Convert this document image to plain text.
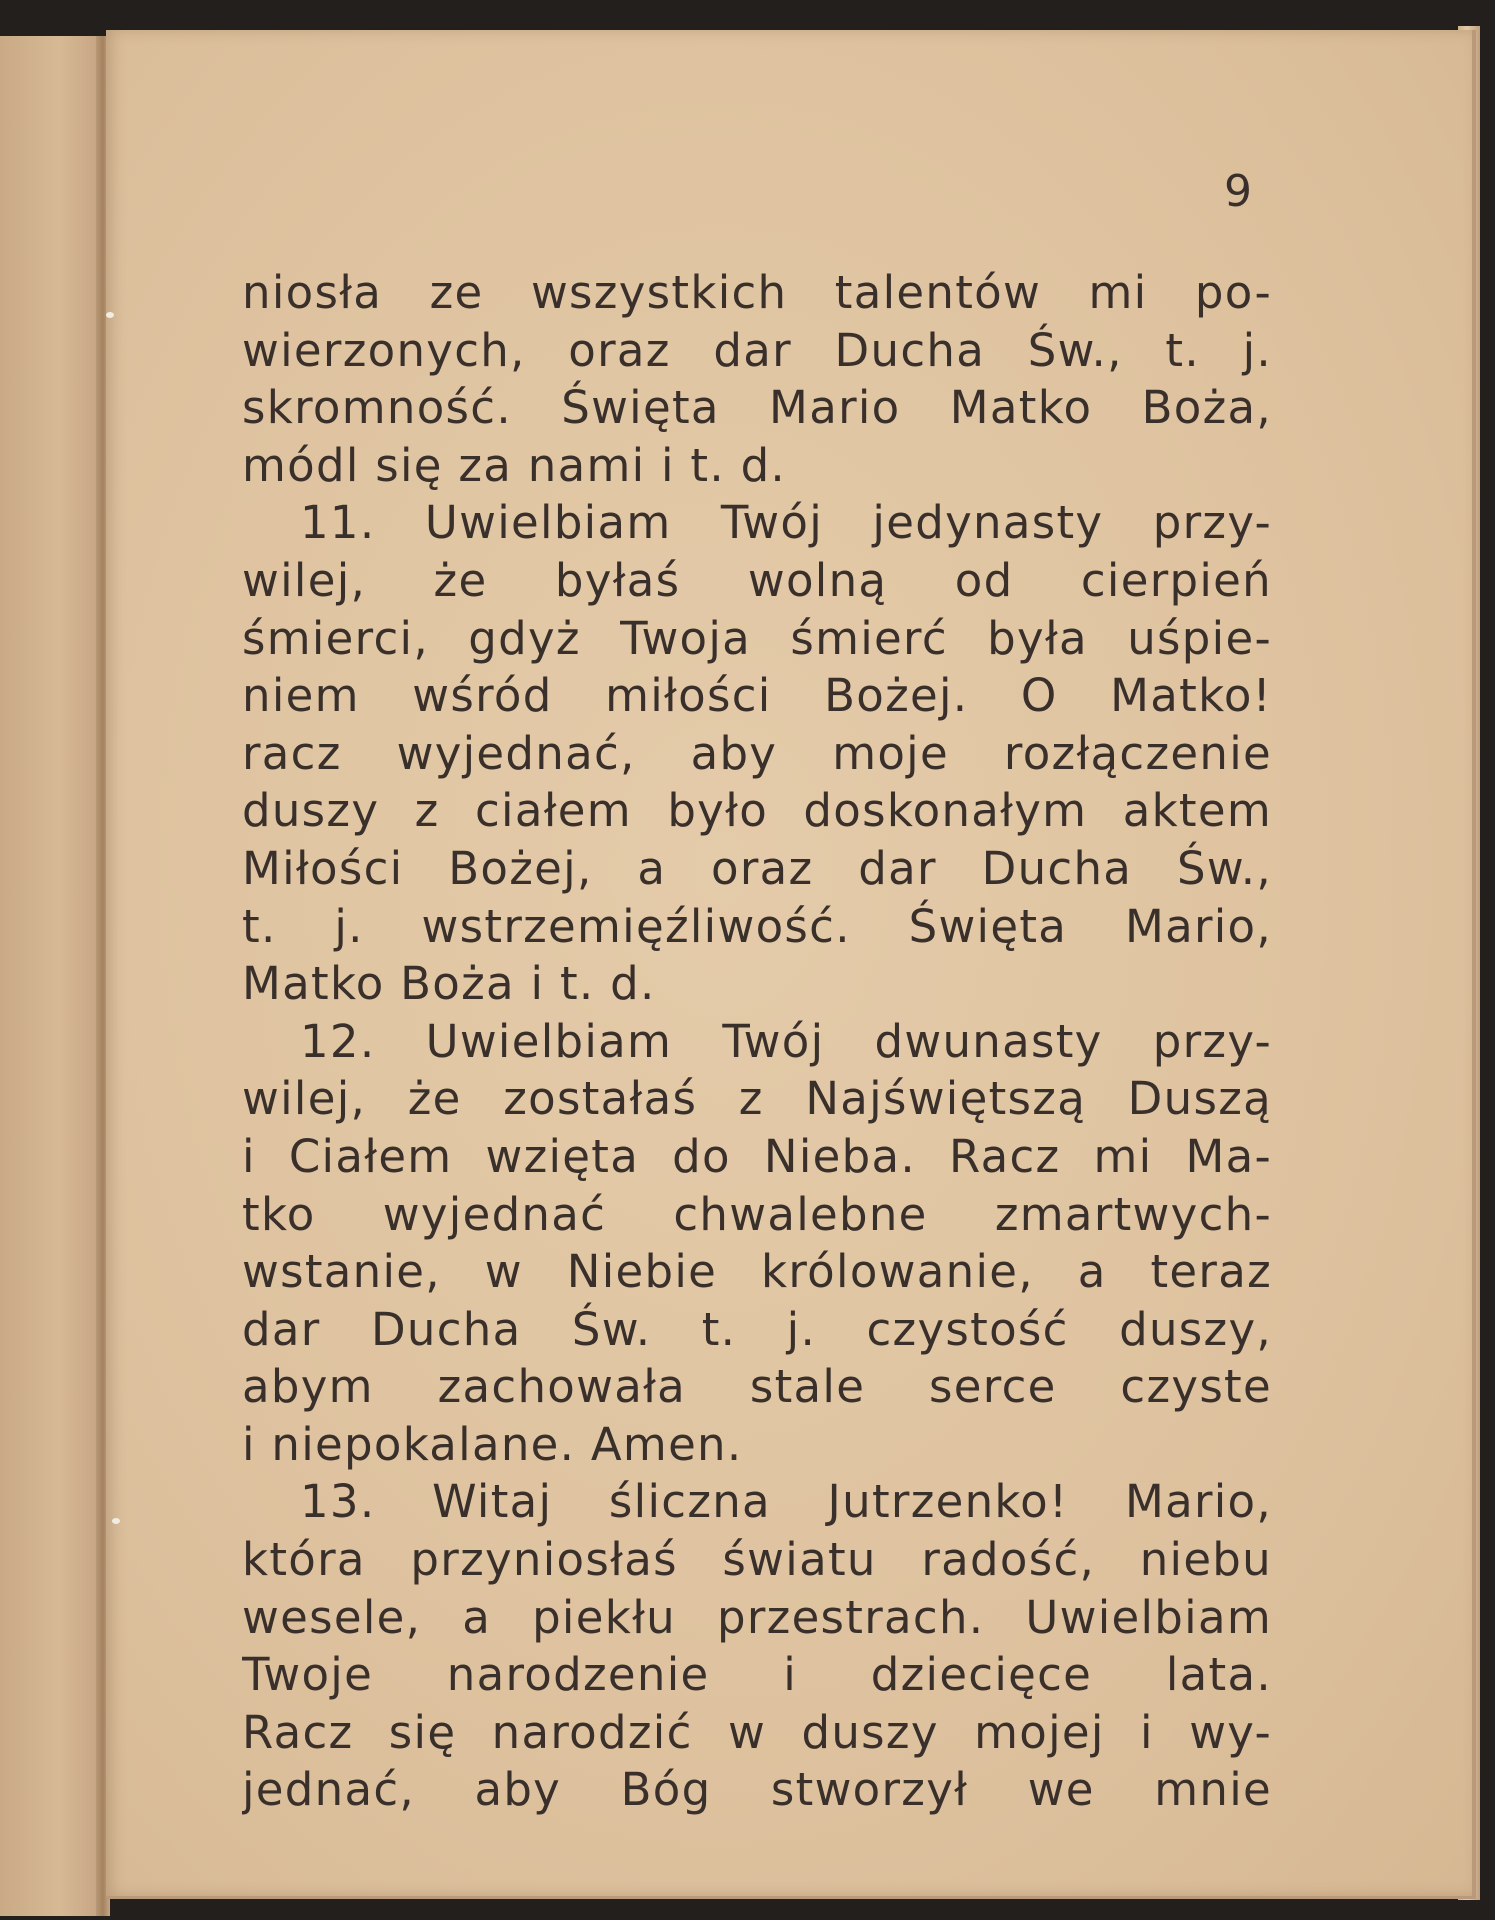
9
niosła ze wszystkich talentów mi po-
wierzonych, oraz dar Ducha Św., t. j.
skromność. Święta Mario Matko Boża,
módl się za nami i t. d.
11. Uwielbiam Twój jedynasty przy-
wilej, że byłaś wolną od cierpień
śmierci, gdyż Twoja śmierć była uśpie-
niem wśród miłości Bożej. O Matko!
racz wyjednać, aby moje rozłączenie
duszy z ciałem było doskonałym aktem
Miłości Bożej, a oraz dar Ducha Św.,
t. j. wstrzemięźliwość. Święta Mario,
Matko Boża i t. d.
12. Uwielbiam Twój dwunasty przy-
wilej, że zostałaś z Najświętszą Duszą
i Ciałem wzięta do Nieba. Racz mi Ma-
tko wyjednać chwalebne zmartwych-
wstanie, w Niebie królowanie, a teraz
dar Ducha Św. t. j. czystość duszy,
abym zachowała stale serce czyste
i niepokalane. Amen.
13. Witaj śliczna Jutrzenko! Mario,
która przyniosłaś światu radość, niebu
wesele, a piekłu przestrach. Uwielbiam
Twoje narodzenie i dziecięce lata.
Racz się narodzić w duszy mojej i wy-
jednać, aby Bóg stworzył we mnie
